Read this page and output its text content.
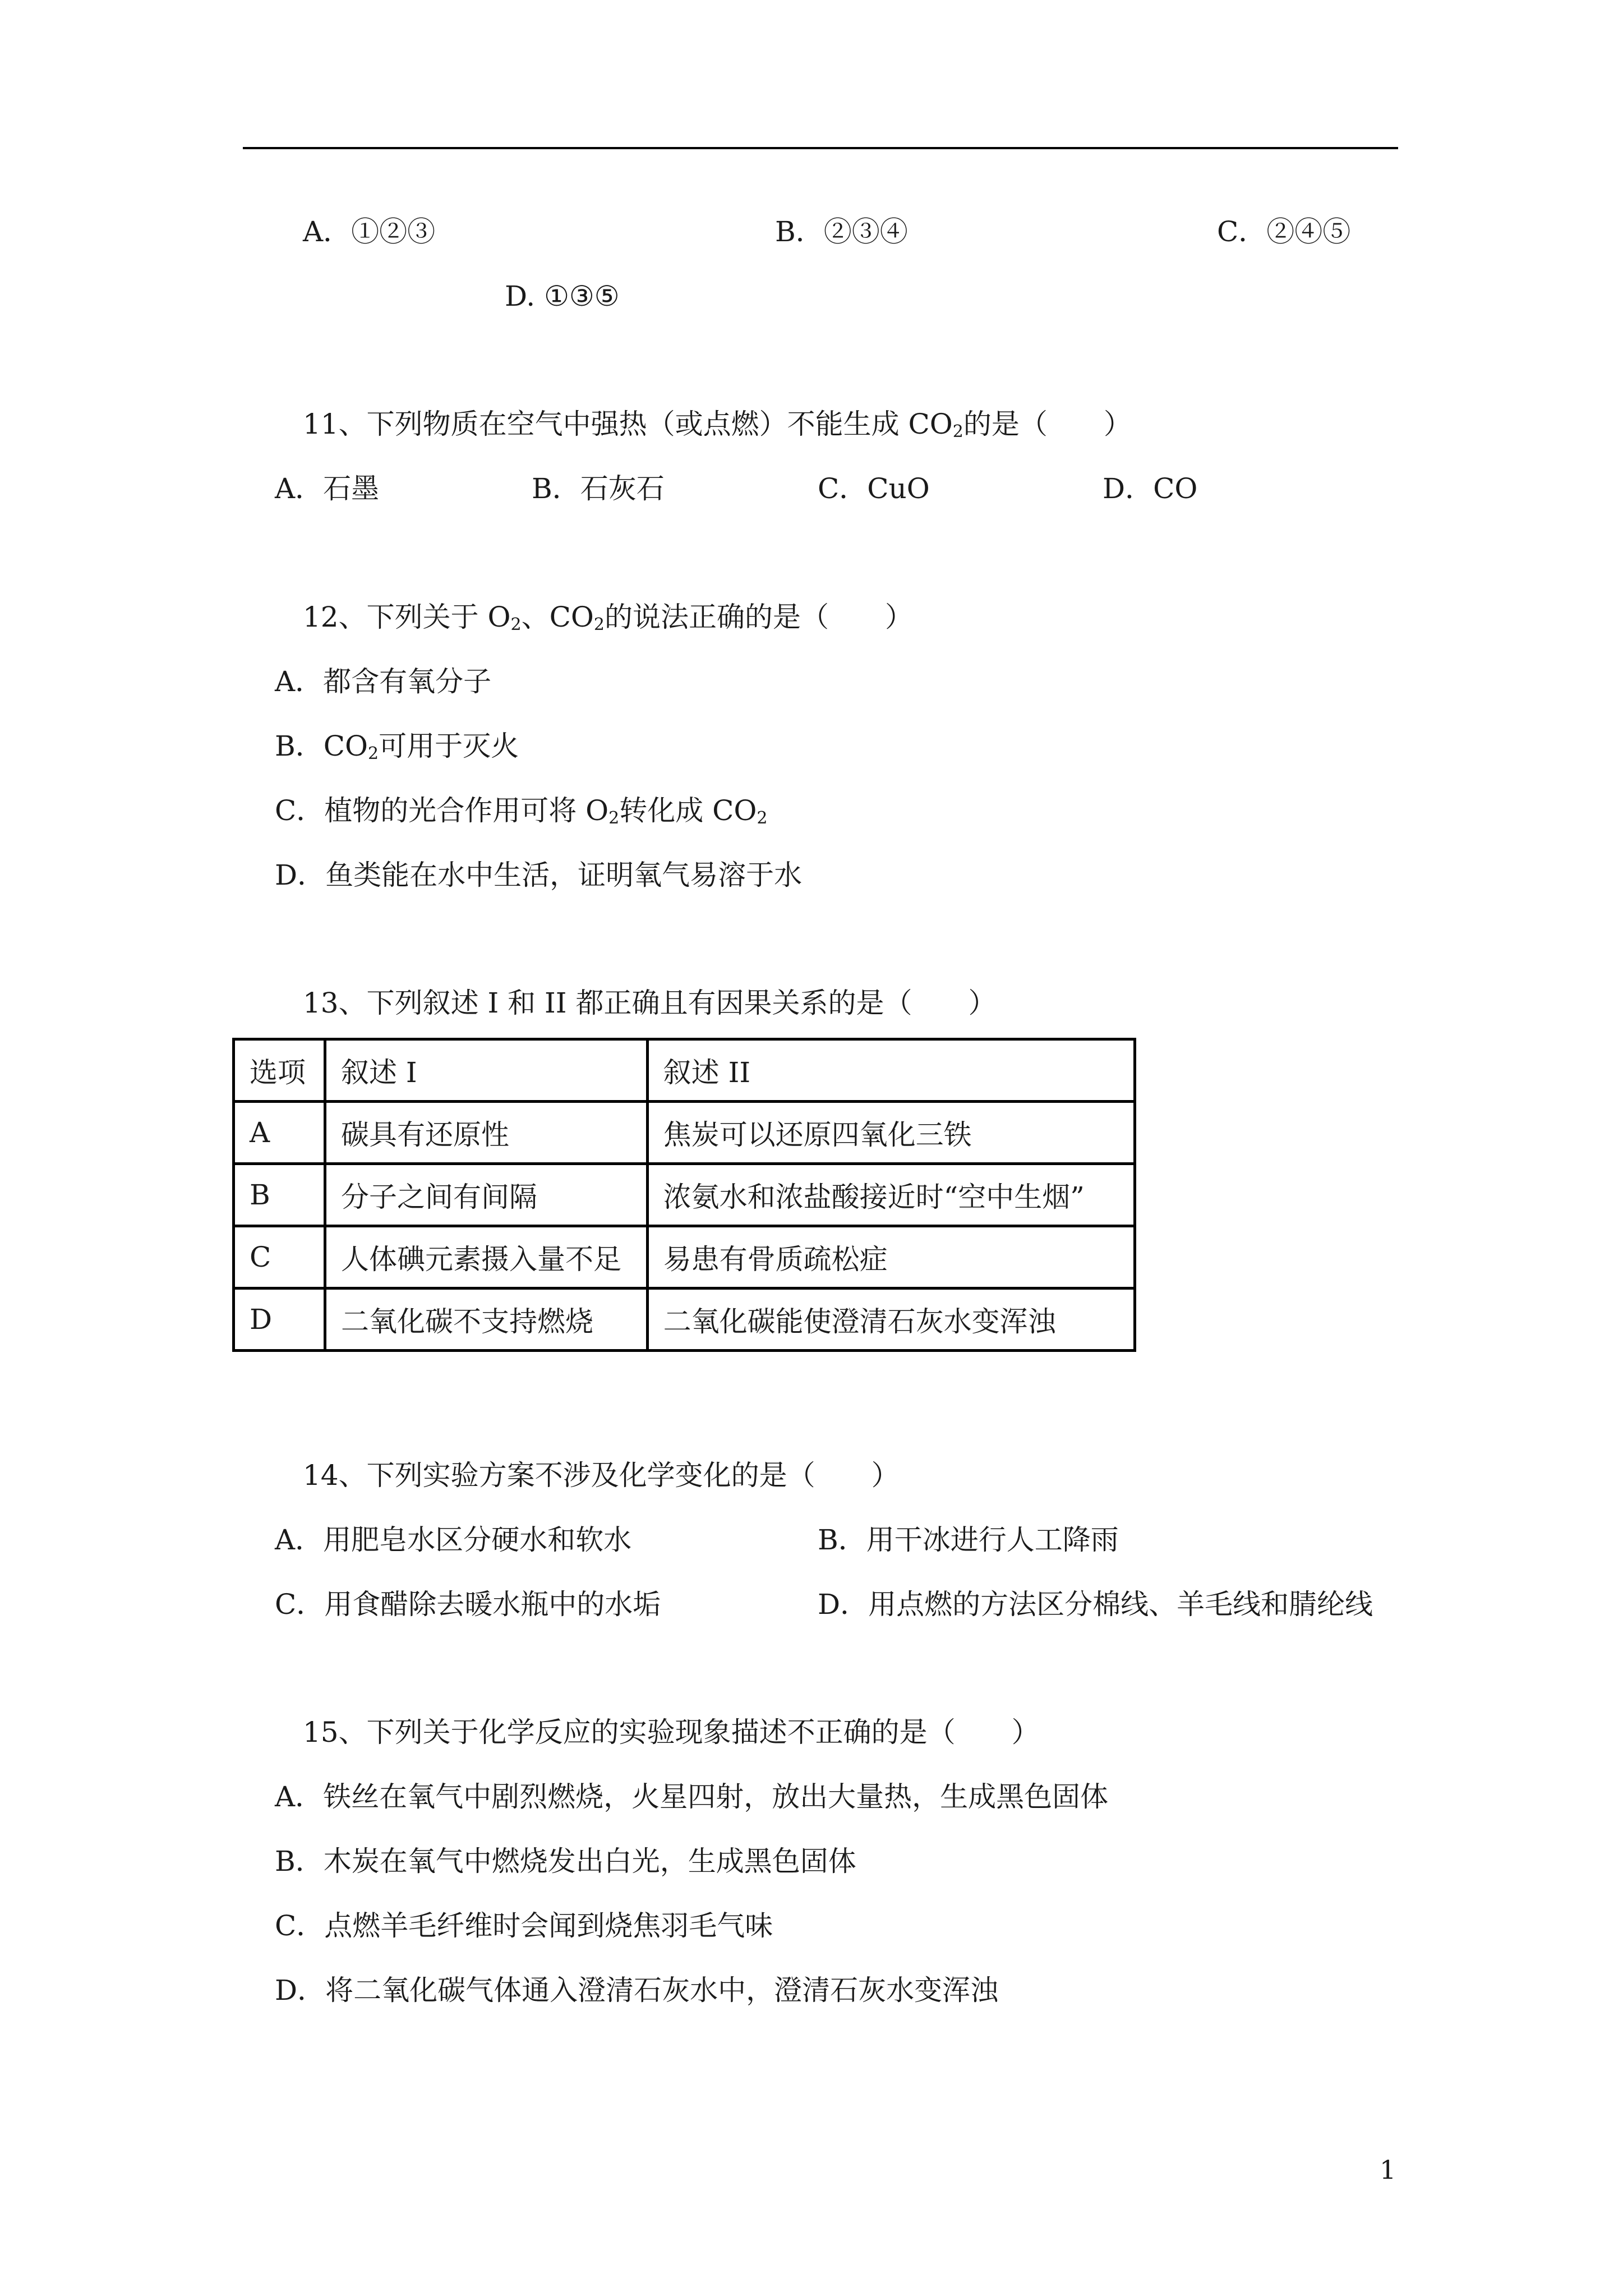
A．①②③	B．②③④	C．②④⑤
D. ①③⑤
11、下列物质在空气中强热（或点燃）不能生成 $CO_2$的是（　　）
A．石墨	B．石灰石	C．CuO	D．CO
12、下列关于 $O_2$、$CO_2$的说法正确的是（　　）
A．都含有氧分子
B．$CO_2$可用于灭火
C．植物的光合作用可将 $O_2$转化成 $CO_2$
D．鱼类能在水中生活，证明氧气易溶于水
13、下列叙述 I 和 II 都正确且有因果关系的是（　　）
选项	叙述 I	叙述 II
A	碳具有还原性	焦炭可以还原四氧化三铁
B	分子之间有间隔	浓氨水和浓盐酸接近时“空中生烟”
C	人体碘元素摄入量不足	易患有骨质疏松症
D	二氧化碳不支持燃烧	二氧化碳能使澄清石灰水变浑浊
14、下列实验方案不涉及化学变化的是（　　）
A．用肥皂水区分硬水和软水	B．用干冰进行人工降雨
C．用食醋除去暖水瓶中的水垢	D．用点燃的方法区分棉线、羊毛线和腈纶线
15、下列关于化学反应的实验现象描述不正确的是（　　）
A．铁丝在氧气中剧烈燃烧，火星四射，放出大量热，生成黑色固体
B．木炭在氧气中燃烧发出白光，生成黑色固体
C．点燃羊毛纤维时会闻到烧焦羽毛气味
D．将二氧化碳气体通入澄清石灰水中，澄清石灰水变浑浊
1
